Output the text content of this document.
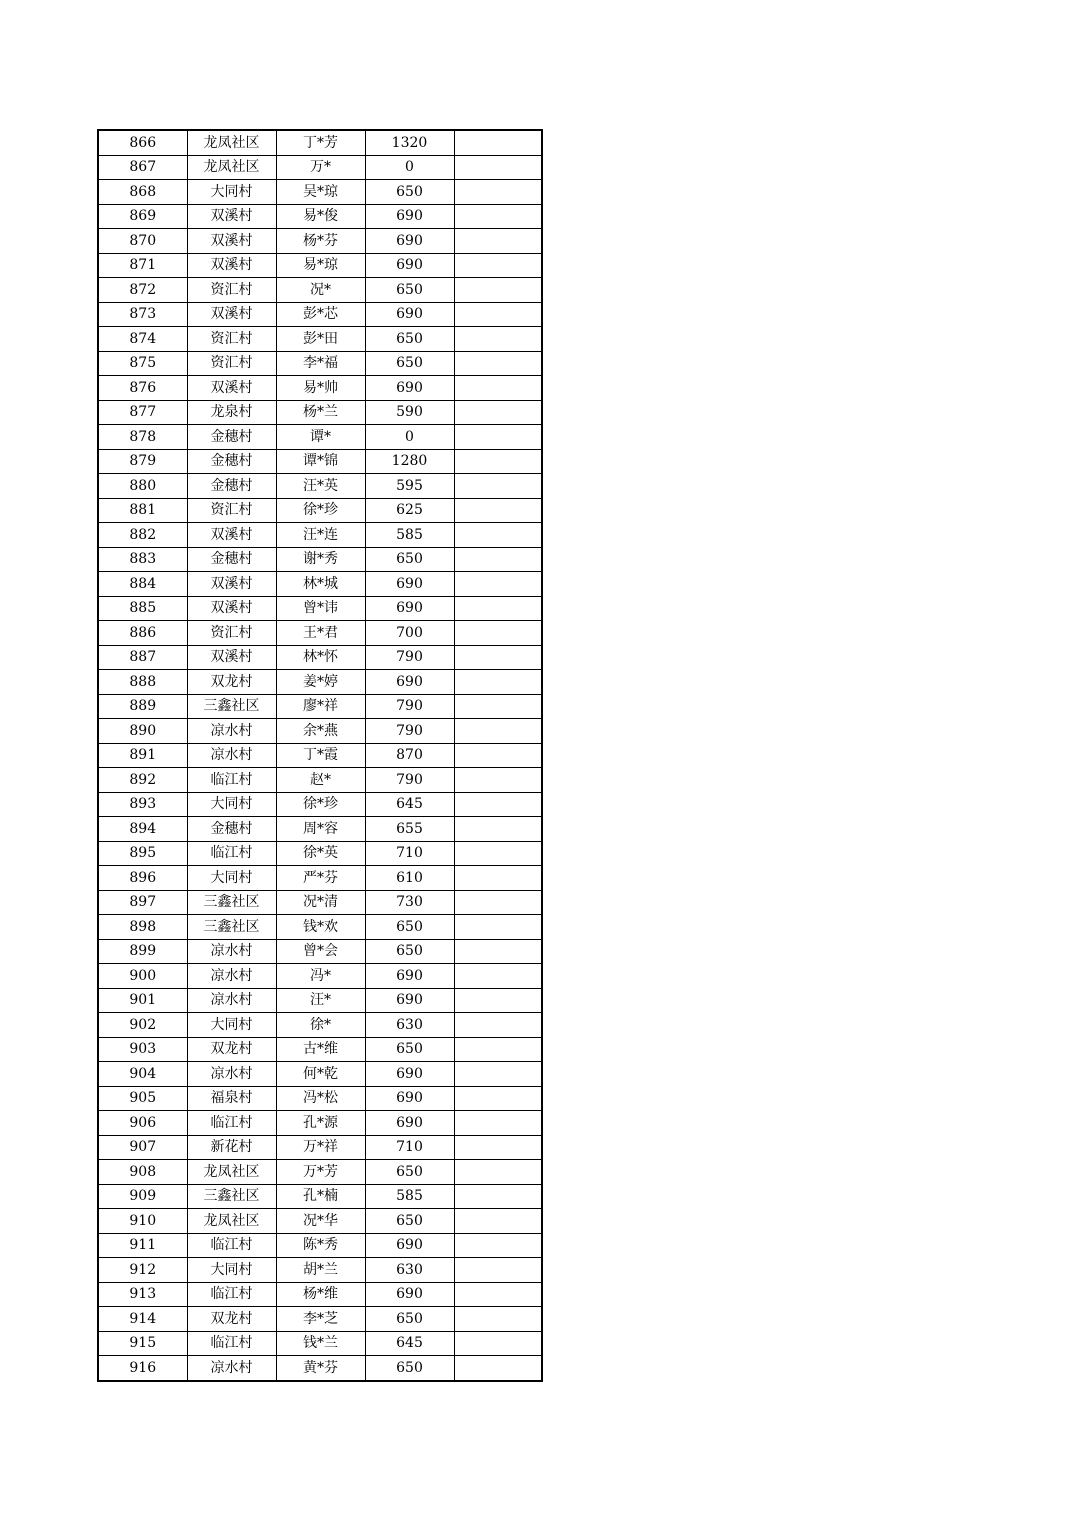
866	龙凤社区	丁*芳	1320	
867	龙凤社区	万*	0	
868	大同村	吴*琼	650	
869	双溪村	易*俊	690	
870	双溪村	杨*芬	690	
871	双溪村	易*琼	690	
872	资汇村	况*	650	
873	双溪村	彭*芯	690	
874	资汇村	彭*田	650	
875	资汇村	李*福	650	
876	双溪村	易*帅	690	
877	龙泉村	杨*兰	590	
878	金穗村	谭*	0	
879	金穗村	谭*锦	1280	
880	金穗村	汪*英	595	
881	资汇村	徐*珍	625	
882	双溪村	汪*连	585	
883	金穗村	谢*秀	650	
884	双溪村	林*城	690	
885	双溪村	曾*讳	690	
886	资汇村	王*君	700	
887	双溪村	林*怀	790	
888	双龙村	姜*婷	690	
889	三鑫社区	廖*祥	790	
890	凉水村	余*燕	790	
891	凉水村	丁*霞	870	
892	临江村	赵*	790	
893	大同村	徐*珍	645	
894	金穗村	周*容	655	
895	临江村	徐*英	710	
896	大同村	严*芬	610	
897	三鑫社区	况*清	730	
898	三鑫社区	钱*欢	650	
899	凉水村	曾*会	650	
900	凉水村	冯*	690	
901	凉水村	汪*	690	
902	大同村	徐*	630	
903	双龙村	古*维	650	
904	凉水村	何*乾	690	
905	福泉村	冯*松	690	
906	临江村	孔*源	690	
907	新花村	万*祥	710	
908	龙凤社区	万*芳	650	
909	三鑫社区	孔*楠	585	
910	龙凤社区	况*华	650	
911	临江村	陈*秀	690	
912	大同村	胡*兰	630	
913	临江村	杨*维	690	
914	双龙村	李*芝	650	
915	临江村	钱*兰	645	
916	凉水村	黄*芬	650	
